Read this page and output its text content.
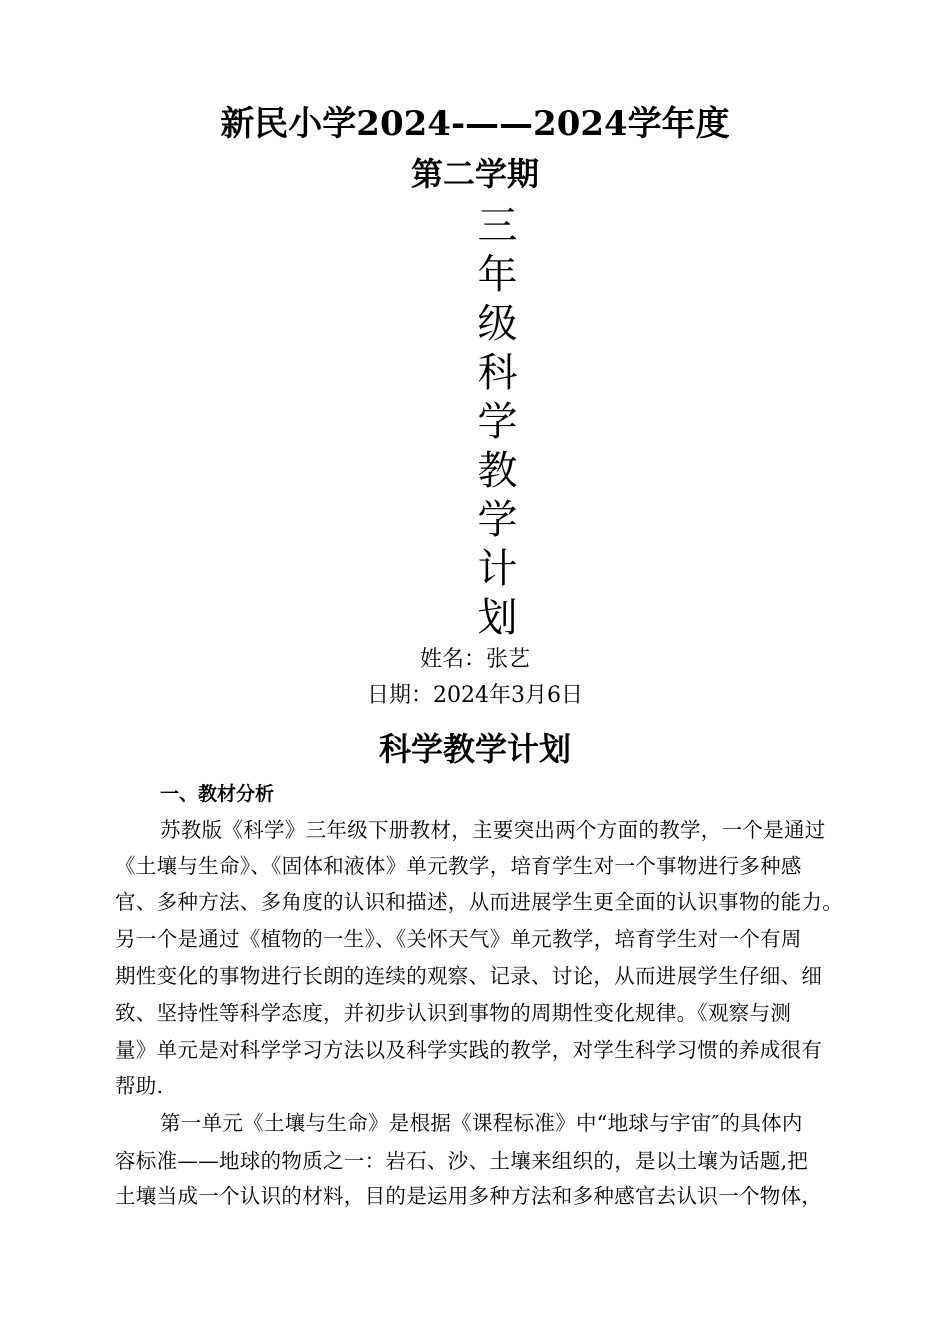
新民小学2024-——2024学年度
第二学期
三
年
级
科
学
教
学
计
划
姓名：张艺
日期：2024年3月6日
科学教学计划
一、教材分析
苏教版《科学》三年级下册教材，主要突出两个方面的教学，一个是通过
《土壤与生命》、《固体和液体》单元教学，培育学生对一个事物进行多种感
官、多种方法、多角度的认识和描述，从而进展学生更全面的认识事物的能力。
另一个是通过《植物的一生》、《关怀天气》单元教学，培育学生对一个有周
期性变化的事物进行长朗的连续的观察、记录、讨论，从而进展学生仔细、细
致、坚持性等科学态度，并初步认识到事物的周期性变化规律。《观察与测
量》单元是对科学学习方法以及科学实践的教学，对学生科学习惯的养成很有
帮助.
第一单元《土壤与生命》是根据《课程标准》中“地球与宇宙″的具体内
容标准——地球的物质之一：岩石、沙、土壤来组织的，是以土壤为话题,把
土壤当成一个认识的材料，目的是运用多种方法和多种感官去认识一个物体，
